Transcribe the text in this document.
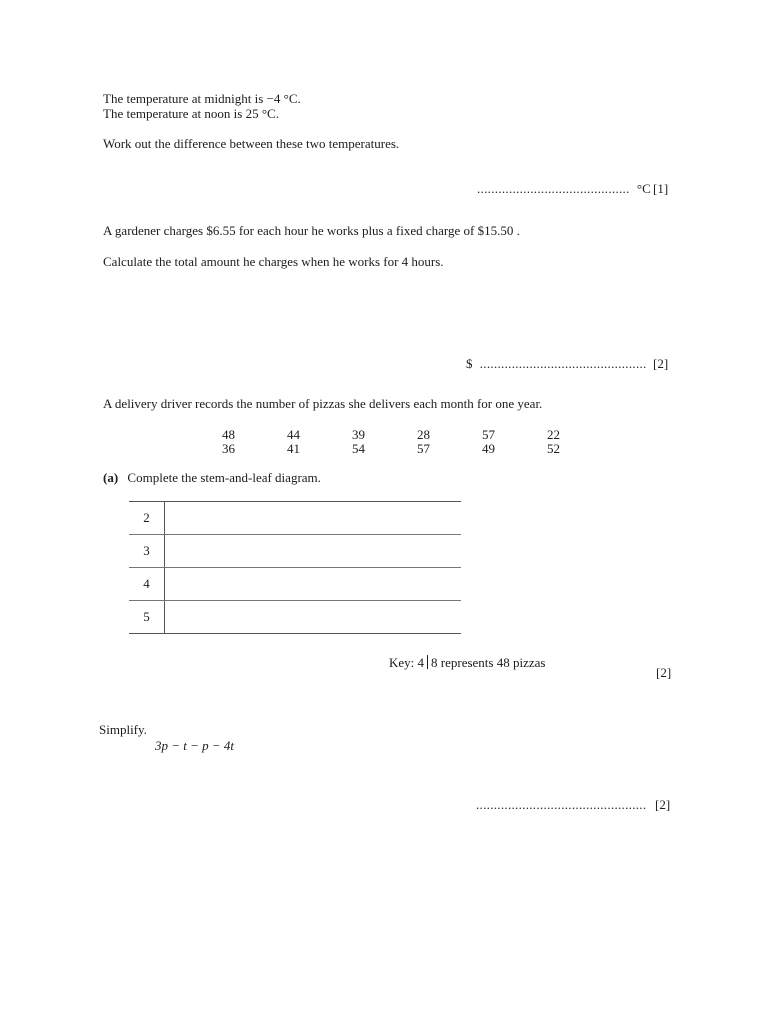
The temperature at midnight is −4 °C.
The temperature at noon is 25 °C.
Work out the difference between these two temperatures.
........................................... °C [1]
A gardener charges $6.55 for each hour he works plus a fixed charge of $15.50 .
Calculate the total amount he charges when he works for 4 hours.
$ ............................................... [2]
A delivery driver records the number of pizzas she delivers each month for one year.
48	44	39	28	57	22
36	41	54	57	49	52
(a) Complete the stem-and-leaf diagram.
2
3
4
5
Key: 4 8 represents 48 pizzas
[2]
Simplify.
3p − t − p − 4t
................................................ [2]
